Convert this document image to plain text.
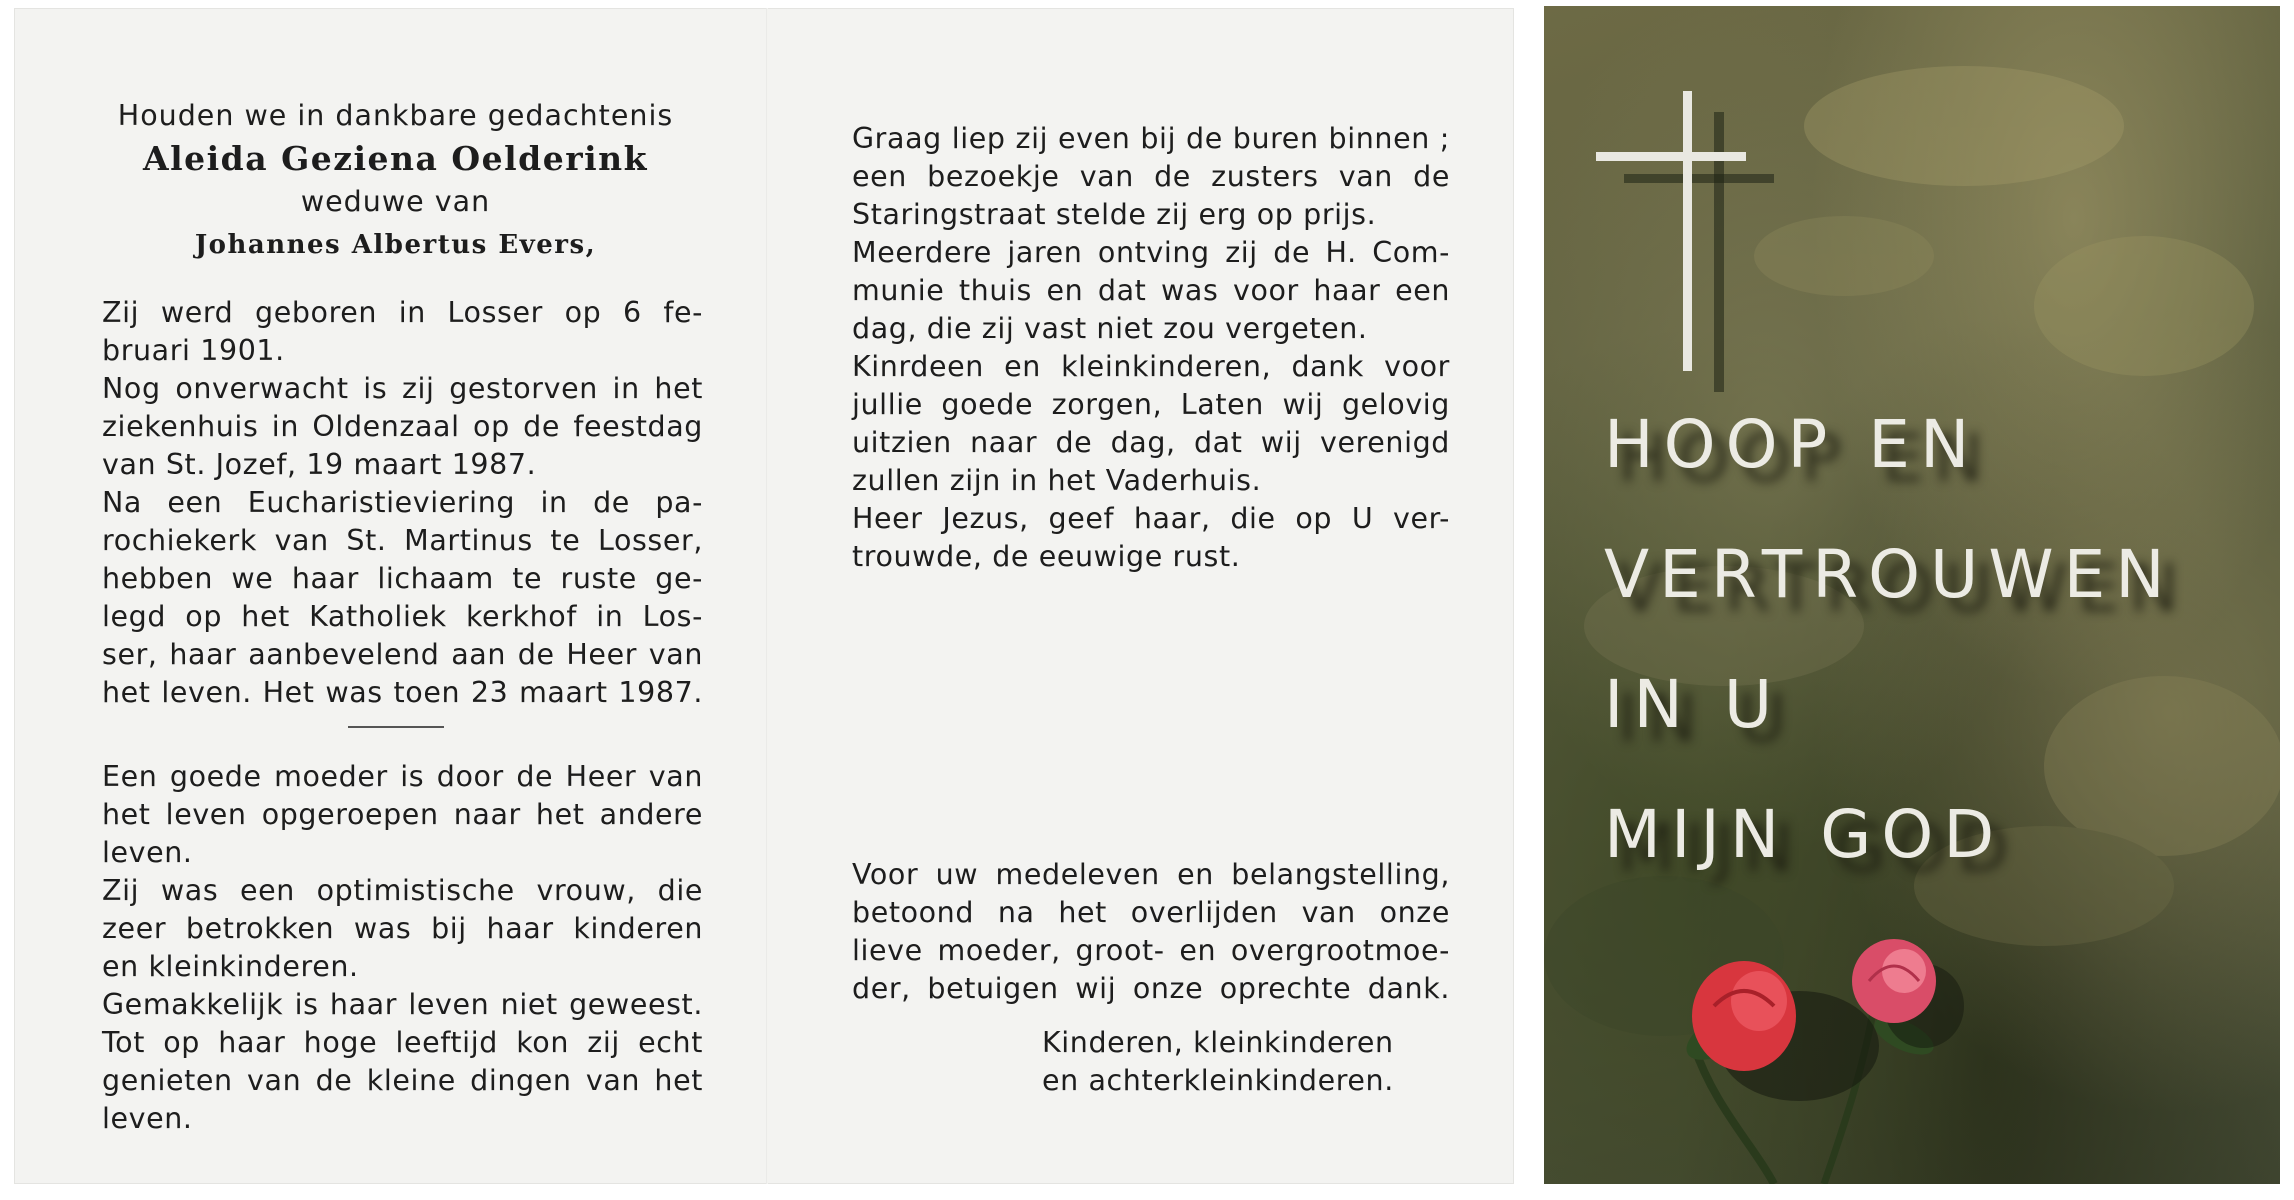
Houden we in dankbare gedachtenis
Aleida Geziena Oelderink
weduwe van
Johannes Albertus Evers,
Zij werd geboren in Losser op 6 fe-
bruari 1901.
Nog onverwacht is zij gestorven in het
ziekenhuis in Oldenzaal op de feestdag
van St. Jozef, 19 maart 1987.
Na een Eucharistieviering in de pa-
rochiekerk van St. Martinus te Losser,
hebben we haar lichaam te ruste ge-
legd op het Katholiek kerkhof in Los-
ser, haar aanbevelend aan de Heer van
het leven. Het was toen 23 maart 1987.
Een goede moeder is door de Heer van
het leven opgeroepen naar het andere
leven.
Zij was een optimistische vrouw, die
zeer betrokken was bij haar kinderen
en kleinkinderen.
Gemakkelijk is haar leven niet geweest.
Tot op haar hoge leeftijd kon zij echt
genieten van de kleine dingen van het
leven.
Graag liep zij even bij de buren binnen ;
een bezoekje van de zusters van de
Staringstraat stelde zij erg op prijs.
Meerdere jaren ontving zij de H. Com-
munie thuis en dat was voor haar een
dag, die zij vast niet zou vergeten.
Kinrdeen en kleinkinderen, dank voor
jullie goede zorgen, Laten wij gelovig
uitzien naar de dag, dat wij verenigd
zullen zijn in het Vaderhuis.
Heer Jezus, geef haar, die op U ver-
trouwde, de eeuwige rust.
Voor uw medeleven en belangstelling,
betoond na het overlijden van onze
lieve moeder, groot- en overgrootmoe-
der, betuigen wij onze oprechte dank.
Kinderen, kleinkinderen
en achterkleinkinderen.
HOOP EN
VERTROUWEN
IN U
MIJN GOD
